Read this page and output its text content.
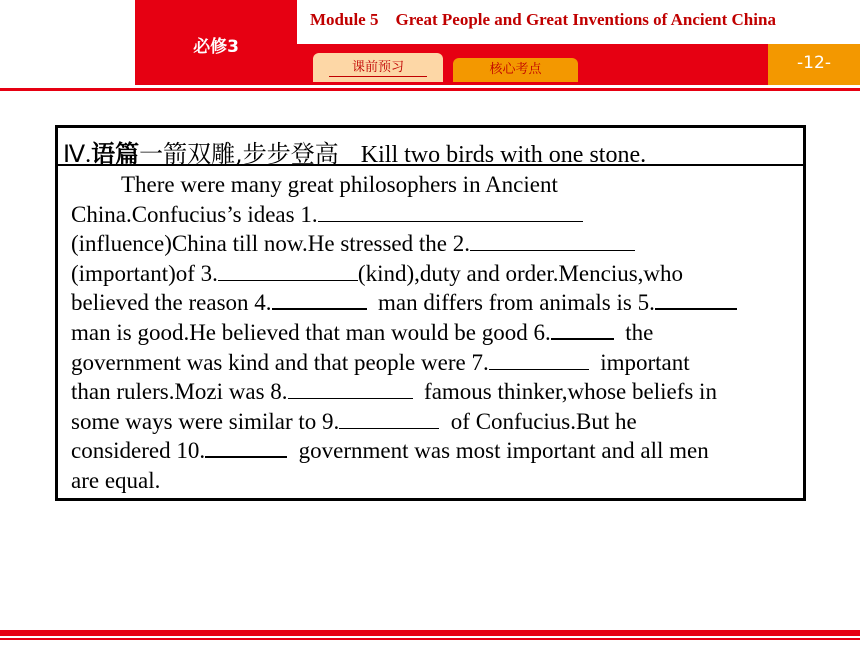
必修3
Module 5 Great People and Great Inventions of Ancient China
-12-
课前预习	核心考点
Ⅳ.语篇一箭双雕,步步登高 Kill two birds with one stone.
There were many great philosophers in Ancient
China.Confucius’s ideas 1.
(influence)China till now.He stressed the 2.
(important)of 3.	(kind),duty and order.Mencius,who
believed the reason 4.	man differs from animals is 5.
man is good.He believed that man would be good 6.	the
government was kind and that people were 7.	important
than rulers.Mozi was 8.	famous thinker,whose beliefs in
some ways were similar to 9.	of Confucius.But he
considered 10.	government was most important and all men
are equal.
